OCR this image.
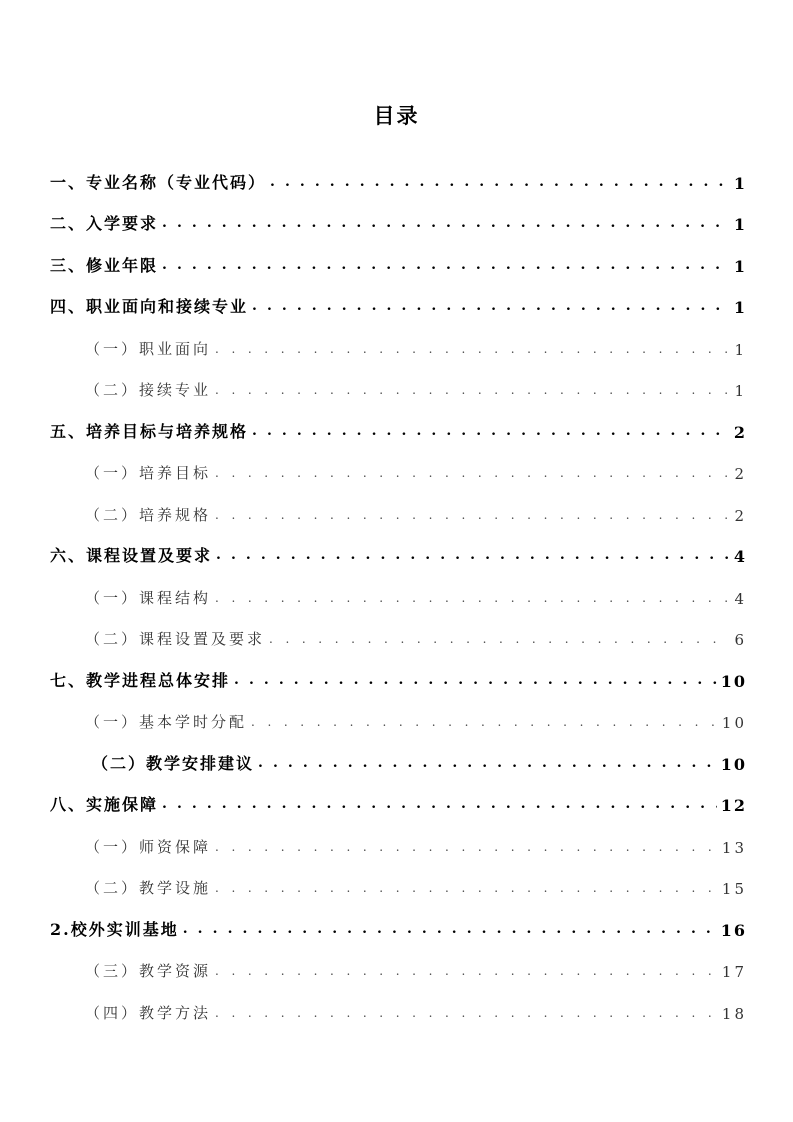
目录
一、专业名称（专业代码） . . .	1
二、入学要求 . . .	1
三、修业年限 . . .	1
四、职业面向和接续专业 . . .	1
（一）职业面向 . . .	1
（二）接续专业 . . .	1
五、培养目标与培养规格 . . .	2
（一）培养目标 . . .	2
（二）培养规格 . . .	2
六、课程设置及要求 . . .	4
（一）课程结构 . . .	4
（二）课程设置及要求 . . .	6
七、教学进程总体安排 . . .	10
（一）基本学时分配 . . .	10
（二）教学安排建议 . . .	10
八、实施保障 . . .	12
（一）师资保障 . . .	13
（二）教学设施 . . .	15
2.校外实训基地 . . .	16
（三）教学资源 . . .	17
（四）教学方法 . . .	18
